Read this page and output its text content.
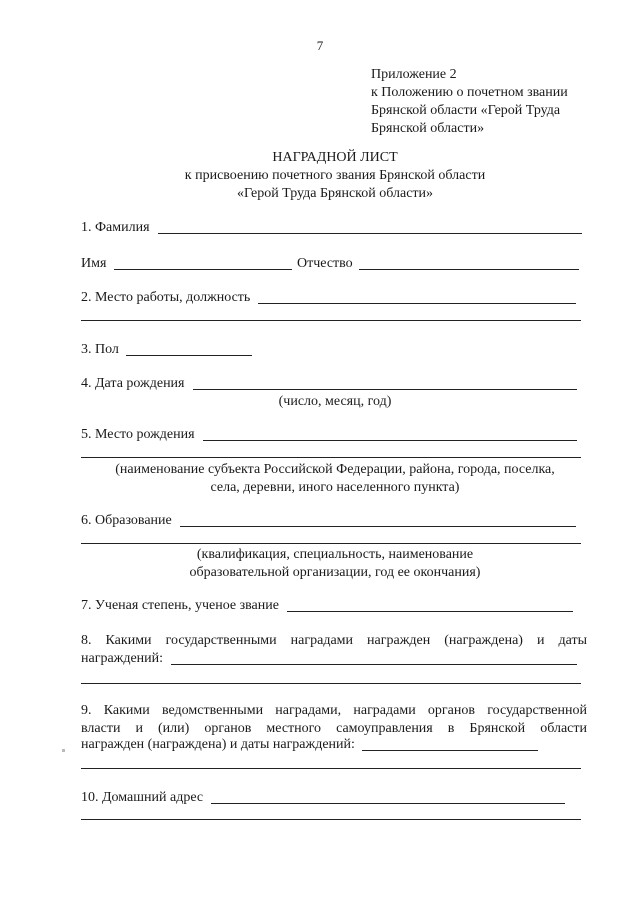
7
Приложение 2
к Положению о почетном звании
Брянской области «Герой Труда
Брянской области»
НАГРАДНОЙ ЛИСТ
к присвоению почетного звания Брянской области
«Герой Труда Брянской области»
1. Фамилия
Имя	Отчество
2. Место работы, должность
3. Пол
4. Дата рождения
(число, месяц, год)
5. Место рождения
(наименование субъекта Российской Федерации, района, города, поселка,
села, деревни, иного населенного пункта)
6. Образование
(квалификация, специальность, наименование
образовательной организации, год ее окончания)
7. Ученая степень, ученое звание
8. Какими государственными наградами награжден (награждена) и даты
награждений:
9. Какими ведомственными наградами, наградами органов государственной
власти и (или) органов местного самоуправления в Брянской области
награжден (награждена) и даты награждений:
10. Домашний адрес
